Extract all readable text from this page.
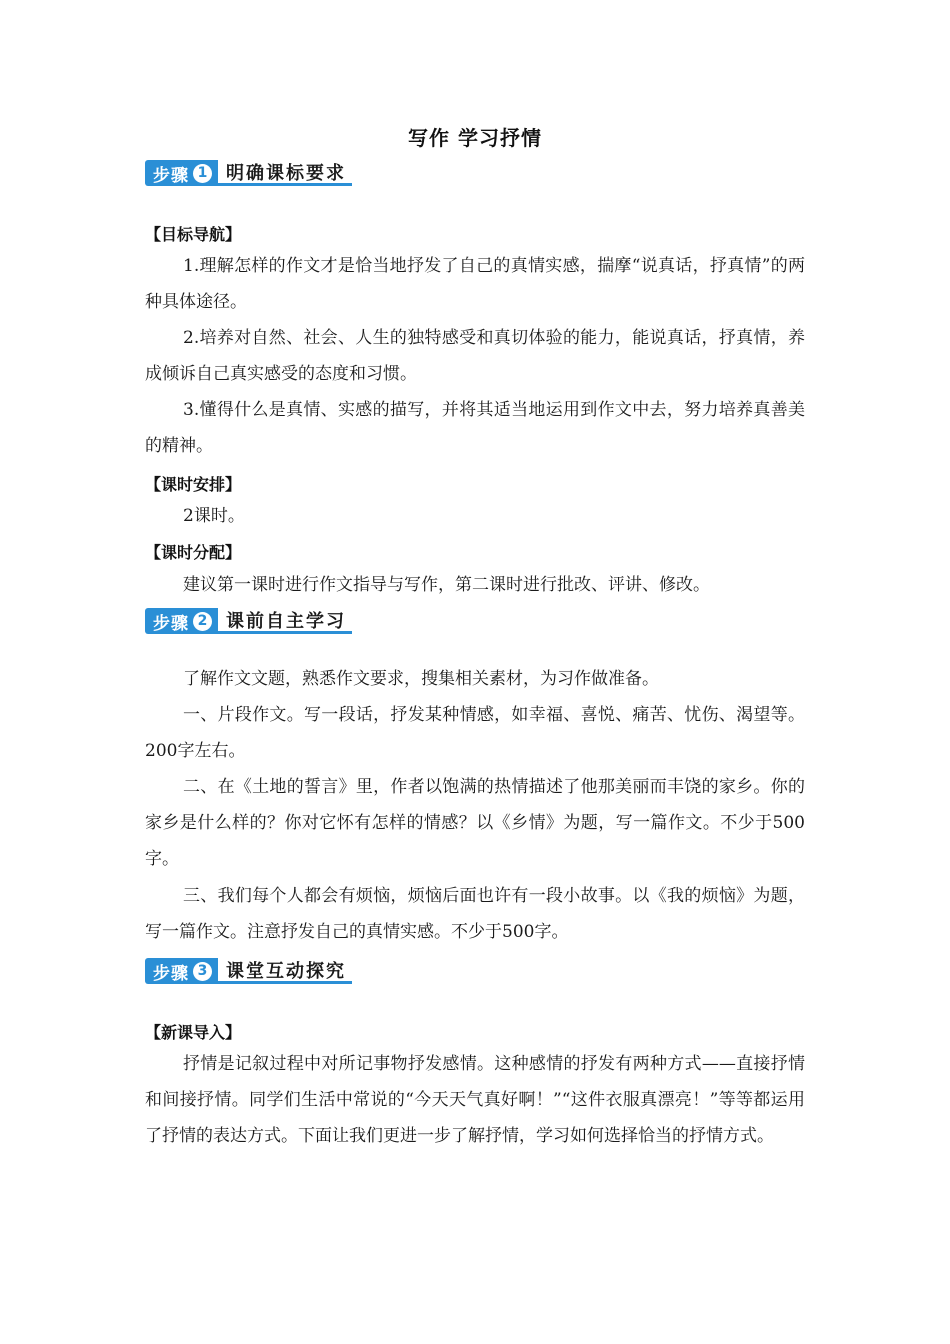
写作 学习抒情
步骤 1	明确课标要求
【目标导航】

1.理解怎样的作文才是恰当地抒发了自己的真情实感，揣摩“说真话，抒真情”的两种具体途径。

2.培养对自然、社会、人生的独特感受和真切体验的能力，能说真话，抒真情，养成倾诉自己真实感受的态度和习惯。

3.懂得什么是真情、实感的描写，并将其适当地运用到作文中去，努力培养真善美的精神。

【课时安排】

2课时。

【课时分配】

建议第一课时进行作文指导与写作，第二课时进行批改、评讲、修改。

步骤 2	课前自主学习

了解作文文题，熟悉作文要求，搜集相关素材，为习作做准备。

一、片段作文。写一段话，抒发某种情感，如幸福、喜悦、痛苦、忧伤、渴望等。200字左右。

二、在《土地的誓言》里，作者以饱满的热情描述了他那美丽而丰饶的家乡。你的家乡是什么样的？你对它怀有怎样的情感？以《乡情》为题，写一篇作文。不少于500字。

三、我们每个人都会有烦恼，烦恼后面也许有一段小故事。以《我的烦恼》为题，写一篇作文。注意抒发自己的真情实感。不少于500字。

步骤 3	课堂互动探究
【新课导入】

抒情是记叙过程中对所记事物抒发感情。这种感情的抒发有两种方式——直接抒情和间接抒情。同学们生活中常说的“今天天气真好啊！”“这件衣服真漂亮！”等等都运用了抒情的表达方式。下面让我们更进一步了解抒情，学习如何选择恰当的抒情方式。
